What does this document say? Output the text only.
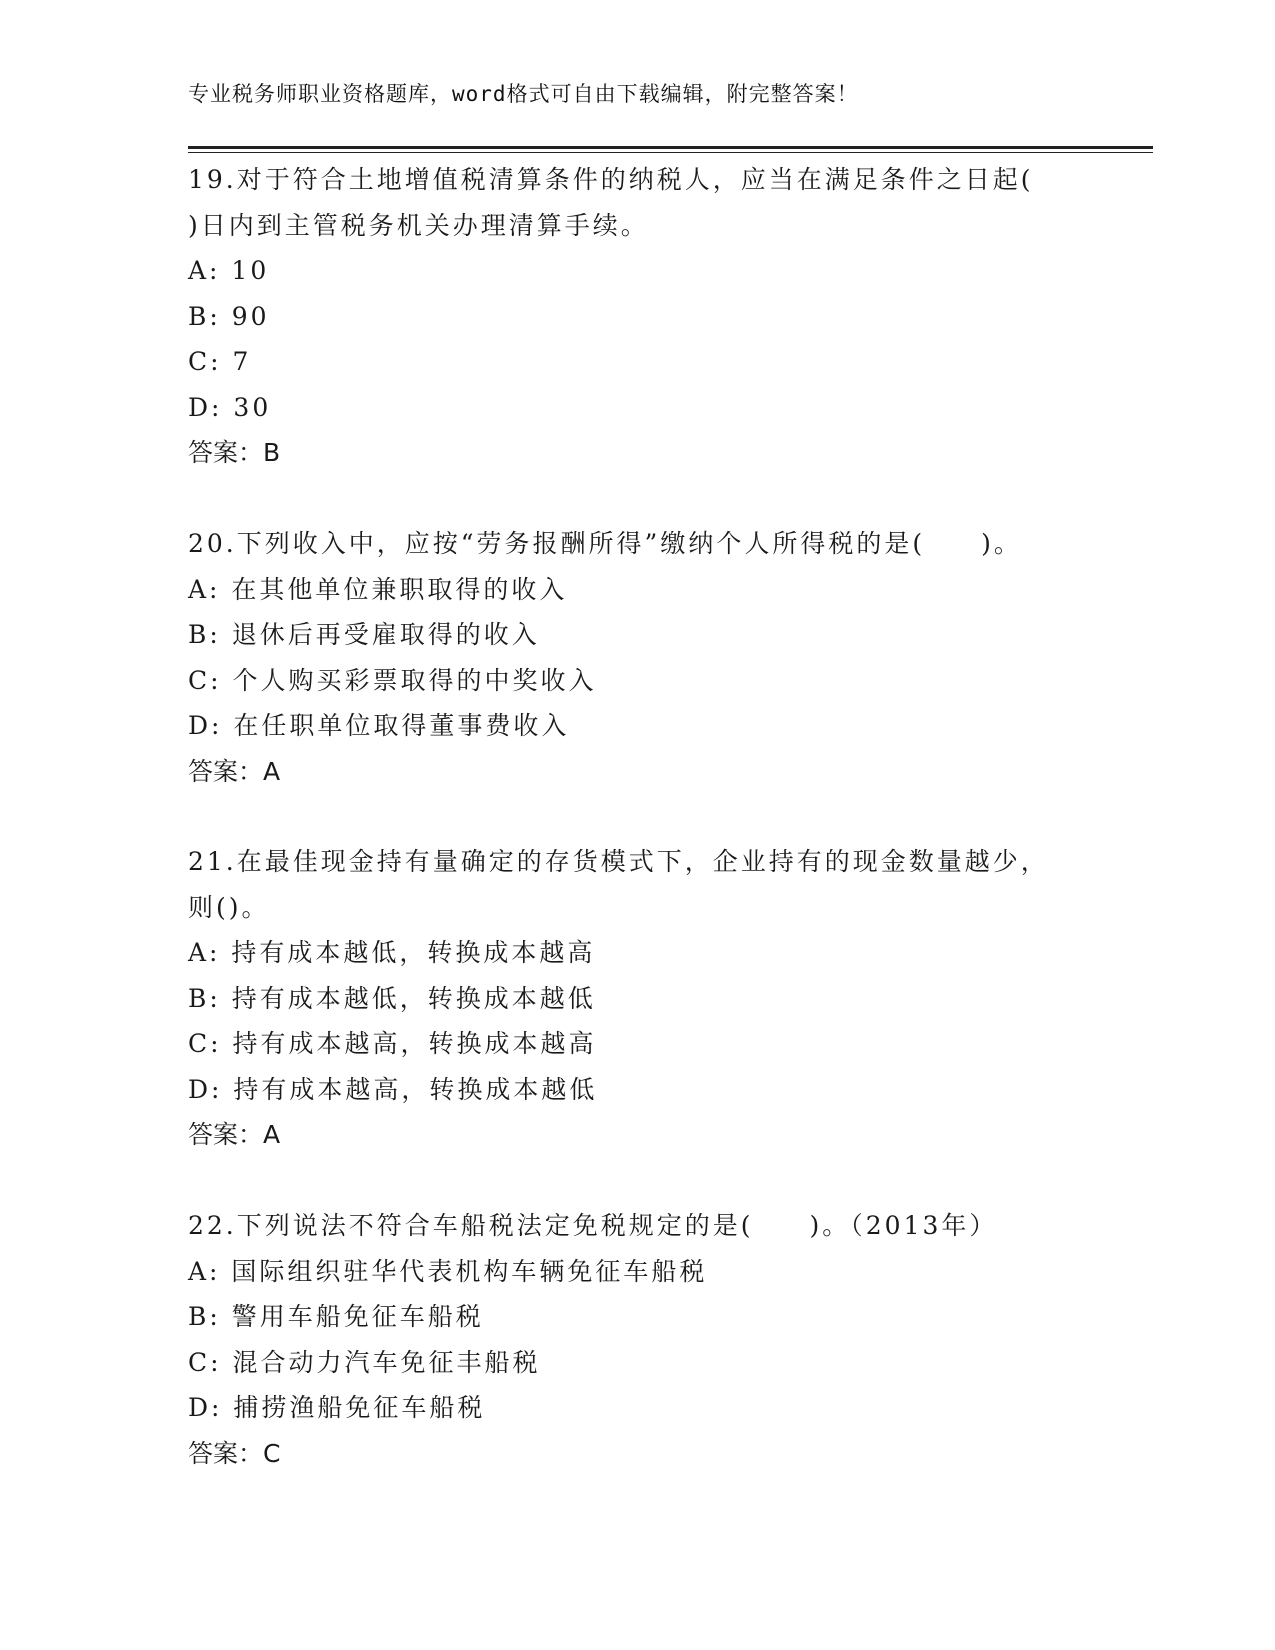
专业税务师职业资格题库，word格式可自由下载编辑，附完整答案！
19.对于符合土地增值税清算条件的纳税人，应当在满足条件之日起(
)日内到主管税务机关办理清算手续。
A: 10
B: 90
C: 7
D: 30
答案：B
20.下列收入中，应按“劳务报酬所得”缴纳个人所得税的是(　　)。
A: 在其他单位兼职取得的收入
B: 退休后再受雇取得的收入
C: 个人购买彩票取得的中奖收入
D: 在任职单位取得董事费收入
答案：A
21.在最佳现金持有量确定的存货模式下，企业持有的现金数量越少，
则()。
A: 持有成本越低，转换成本越高
B: 持有成本越低，转换成本越低
C: 持有成本越高，转换成本越高
D: 持有成本越高，转换成本越低
答案：A
22.下列说法不符合车船税法定免税规定的是(　　)。（2013年）
A: 国际组织驻华代表机构车辆免征车船税
B: 警用车船免征车船税
C: 混合动力汽车免征丰船税
D: 捕捞渔船免征车船税
答案：C
